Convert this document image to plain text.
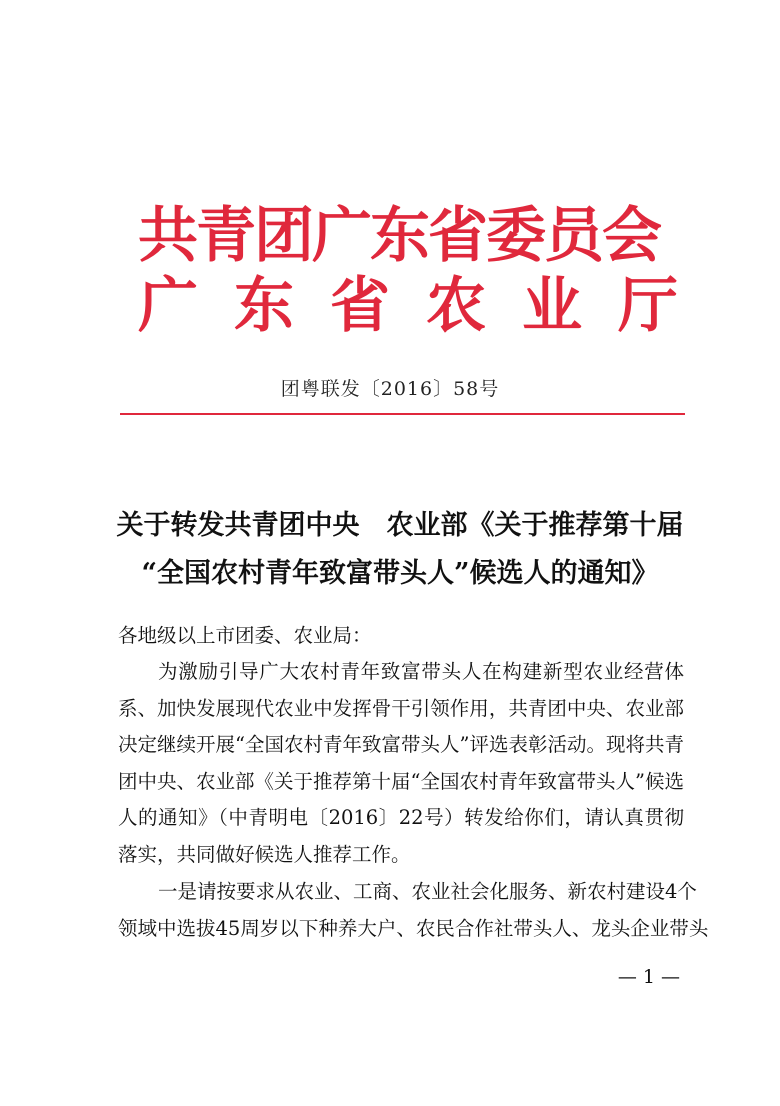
共青团广东省委员会
广东省农业厅
团粤联发〔2016〕58号
关于转发共青团中央　农业部《关于推荐第十届
“全国农村青年致富带头人”候选人的通知》
各地级以上市团委、农业局：
为激励引导广大农村青年致富带头人在构建新型农业经营体系、加快发展现代农业中发挥骨干引领作用，共青团中央、农业部决定继续开展“全国农村青年致富带头人”评选表彰活动。现将共青团中央、农业部《关于推荐第十届“全国农村青年致富带头人”候选人的通知》（中青明电〔2016〕22号）转发给你们，请认真贯彻落实，共同做好候选人推荐工作。
一是请按要求从农业、工商、农业社会化服务、新农村建设4个
领域中选拔45周岁以下种养大户、农民合作社带头人、龙头企业带头
— 1 —
